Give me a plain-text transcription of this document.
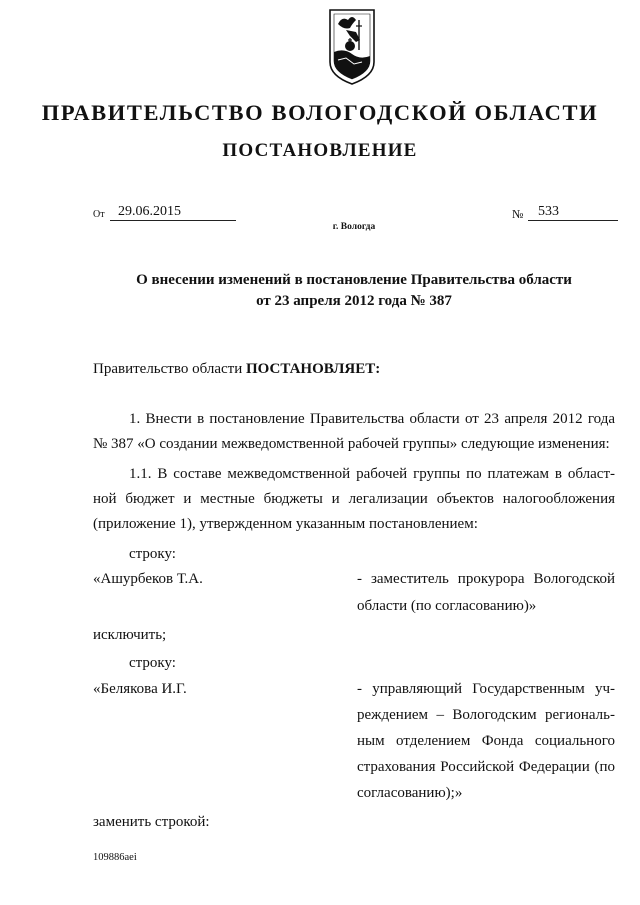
ПРАВИТЕЛЬСТВО ВОЛОГОДСКОЙ ОБЛАСТИ
ПОСТАНОВЛЕНИЕ
От 29.06.2015	№	533
г. Вологда
О внесении изменений в постановление Правительства области
от 23 апреля 2012 года № 387
Правительство области ПОСТАНОВЛЯЕТ:
1. Внести в постановление Правительства области от 23 апреля 2012 года
№ 387 «О создании межведомственной рабочей группы» следующие изменения:
1.1. В составе межведомственной рабочей группы по платежам в област-
ной бюджет и местные бюджеты и легализации объектов налогообложения
(приложение 1), утвержденном указанным постановлением:
строку:
«Ашурбеков Т.А.	- заместитель прокурора Вологодской
области (по согласованию)»
исключить;
строку:
«Белякова И.Г.	- управляющий Государственным уч-
реждением – Вологодским региональ-
ным отделением Фонда социального
страхования Российской Федерации (по
согласованию);»
заменить строкой:
109886aei
